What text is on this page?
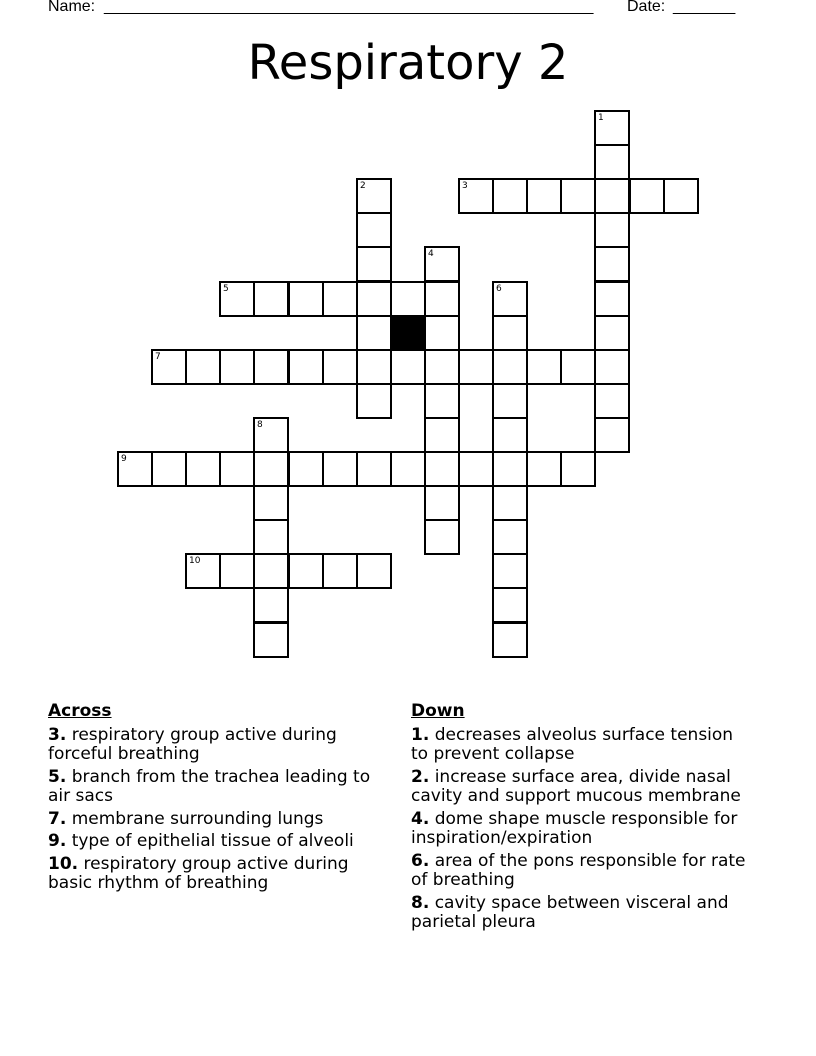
Name: _______________________________________________________ Date: _______
Respiratory 2
1
2	3
4
5	6
7
8
9
10
Across
3. respiratory group active during forceful breathing
5. branch from the trachea leading to air sacs
7. membrane surrounding lungs
9. type of epithelial tissue of alveoli
10. respiratory group active during basic rhythm of breathing
Down
1. decreases alveolus surface tension to prevent collapse
2. increase surface area, divide nasal cavity and support mucous membrane
4. dome shape muscle responsible for inspiration/expiration
6. area of the pons responsible for rate of breathing
8. cavity space between visceral and parietal pleura
